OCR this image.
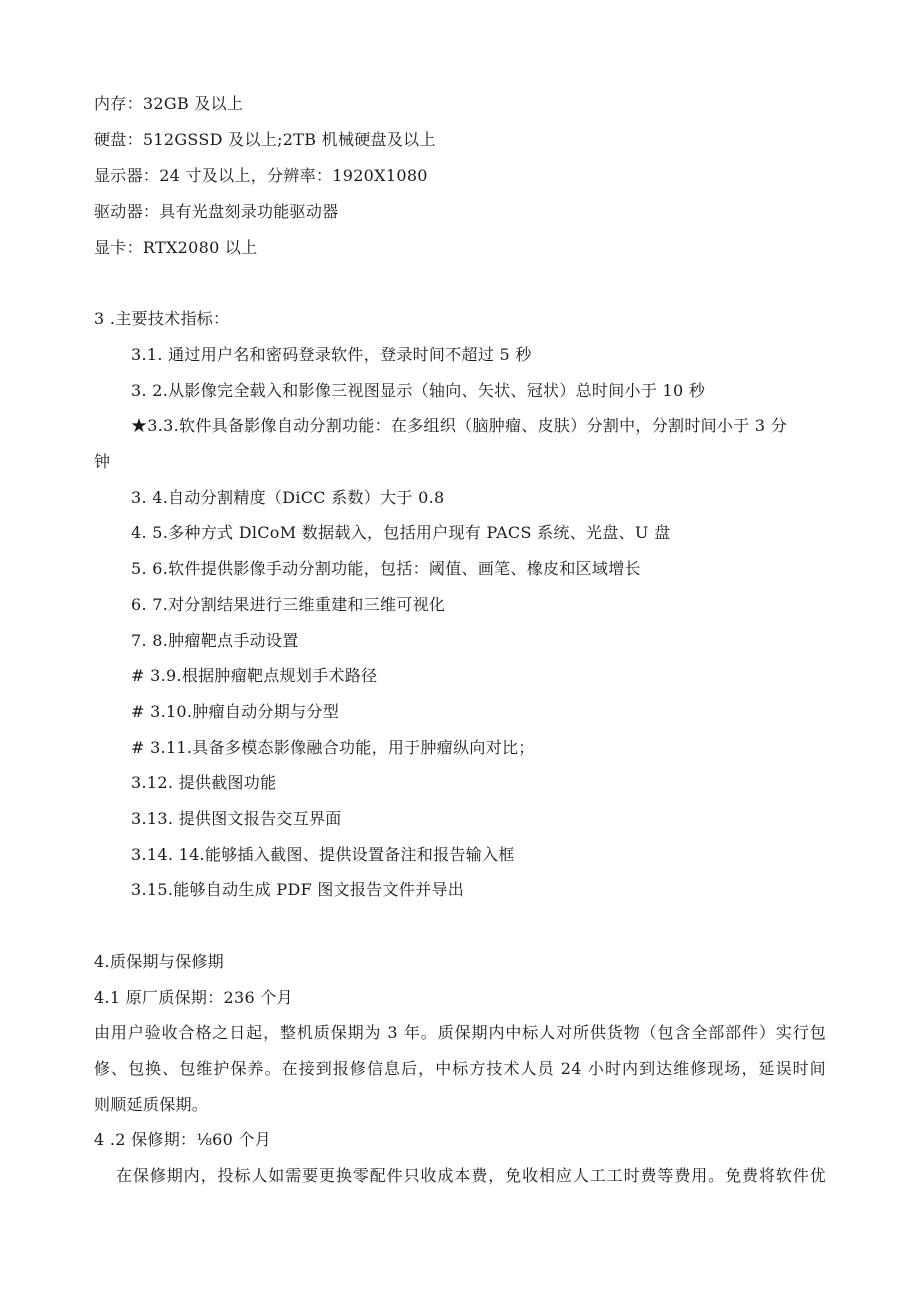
内存：32GB 及以上

硬盘：512GSSD 及以上;2TB 机械硬盘及以上

显示器：24 寸及以上，分辨率：1920X1080

驱动器：具有光盘刻录功能驱动器

显卡：RTX2080 以上

3 .主要技术指标：

3.1. 通过用户名和密码登录软件，登录时间不超过 5 秒

3. 2.从影像完全载入和影像三视图显示（轴向、矢状、冠状）总时间小于 10 秒

★3.3.软件具备影像自动分割功能：在多组织（脑肿瘤、皮肤）分割中，分割时间小于 3 分

钟

3. 4.自动分割精度（DiCC 系数）大于 0.8

4. 5.多种方式 DlCoM 数据载入，包括用户现有 PACS 系统、光盘、U 盘

5. 6.软件提供影像手动分割功能，包括：阈值、画笔、橡皮和区域增长

6. 7.对分割结果进行三维重建和三维可视化

7. 8.肿瘤靶点手动设置

# 3.9.根据肿瘤靶点规划手术路径

# 3.10.肿瘤自动分期与分型

# 3.11.具备多模态影像融合功能，用于肿瘤纵向对比；

3.12. 提供截图功能

3.13. 提供图文报告交互界面

3.14. 14.能够插入截图、提供设置备注和报告输入框

3.15.能够自动生成 PDF 图文报告文件并导出

4.质保期与保修期

4.1 原厂质保期：236 个月

由用户验收合格之日起，整机质保期为 3 年。质保期内中标人对所供货物（包含全部部件）实行包

修、包换、包维护保养。在接到报修信息后，中标方技术人员 24 小时内到达维修现场，延误时间

则顺延质保期。

4 .2 保修期：⅛60 个月

在保修期内，投标人如需要更换零配件只收成本费，免收相应人工工时费等费用。免费将软件优
